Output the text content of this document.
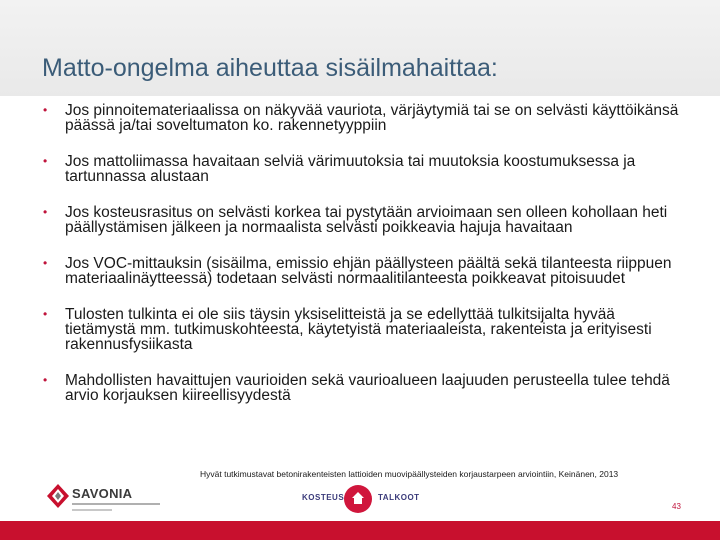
Matto-ongelma aiheuttaa sisäilmahaittaa:
• Jos pinnoitemateriaalissa on näkyvää vauriota, värjäytymiä tai se on selvästi käyttöikänsä päässä ja/tai soveltumaton ko. rakennetyyppiin
• Jos mattoliimassa havaitaan selviä värimuutoksia tai muutoksia koostumuksessa ja tartunnassa alustaan
• Jos kosteusrasitus on selvästi korkea tai pystytään arvioimaan sen olleen kohollaan heti päällystämisen jälkeen ja normaalista selvästi poikkeavia hajuja havaitaan
• Jos VOC-mittauksin (sisäilma, emissio ehjän päällysteen päältä sekä tilanteesta riippuen materiaalinäytteessä) todetaan selvästi normaalitilanteesta poikkeavat pitoisuudet
• Tulosten tulkinta ei ole siis täysin yksiselitteistä ja se edellyttää tulkitsijalta hyvää tietämystä mm. tutkimuskohteesta, käytetyistä materiaaleista, rakenteista ja erityisesti rakennusfysiikasta
• Mahdollisten havaittujen vaurioiden sekä vaurioalueen laajuuden perusteella tulee tehdä arvio korjauksen kiireellisyydestä

Hyvät tutkimustavat betonirakenteisten lattioiden muovipäällysteiden korjaustarpeen arviointiin, Keinänen, 2013

SAVONIA	KOSTEUS	TALKOOT
43
